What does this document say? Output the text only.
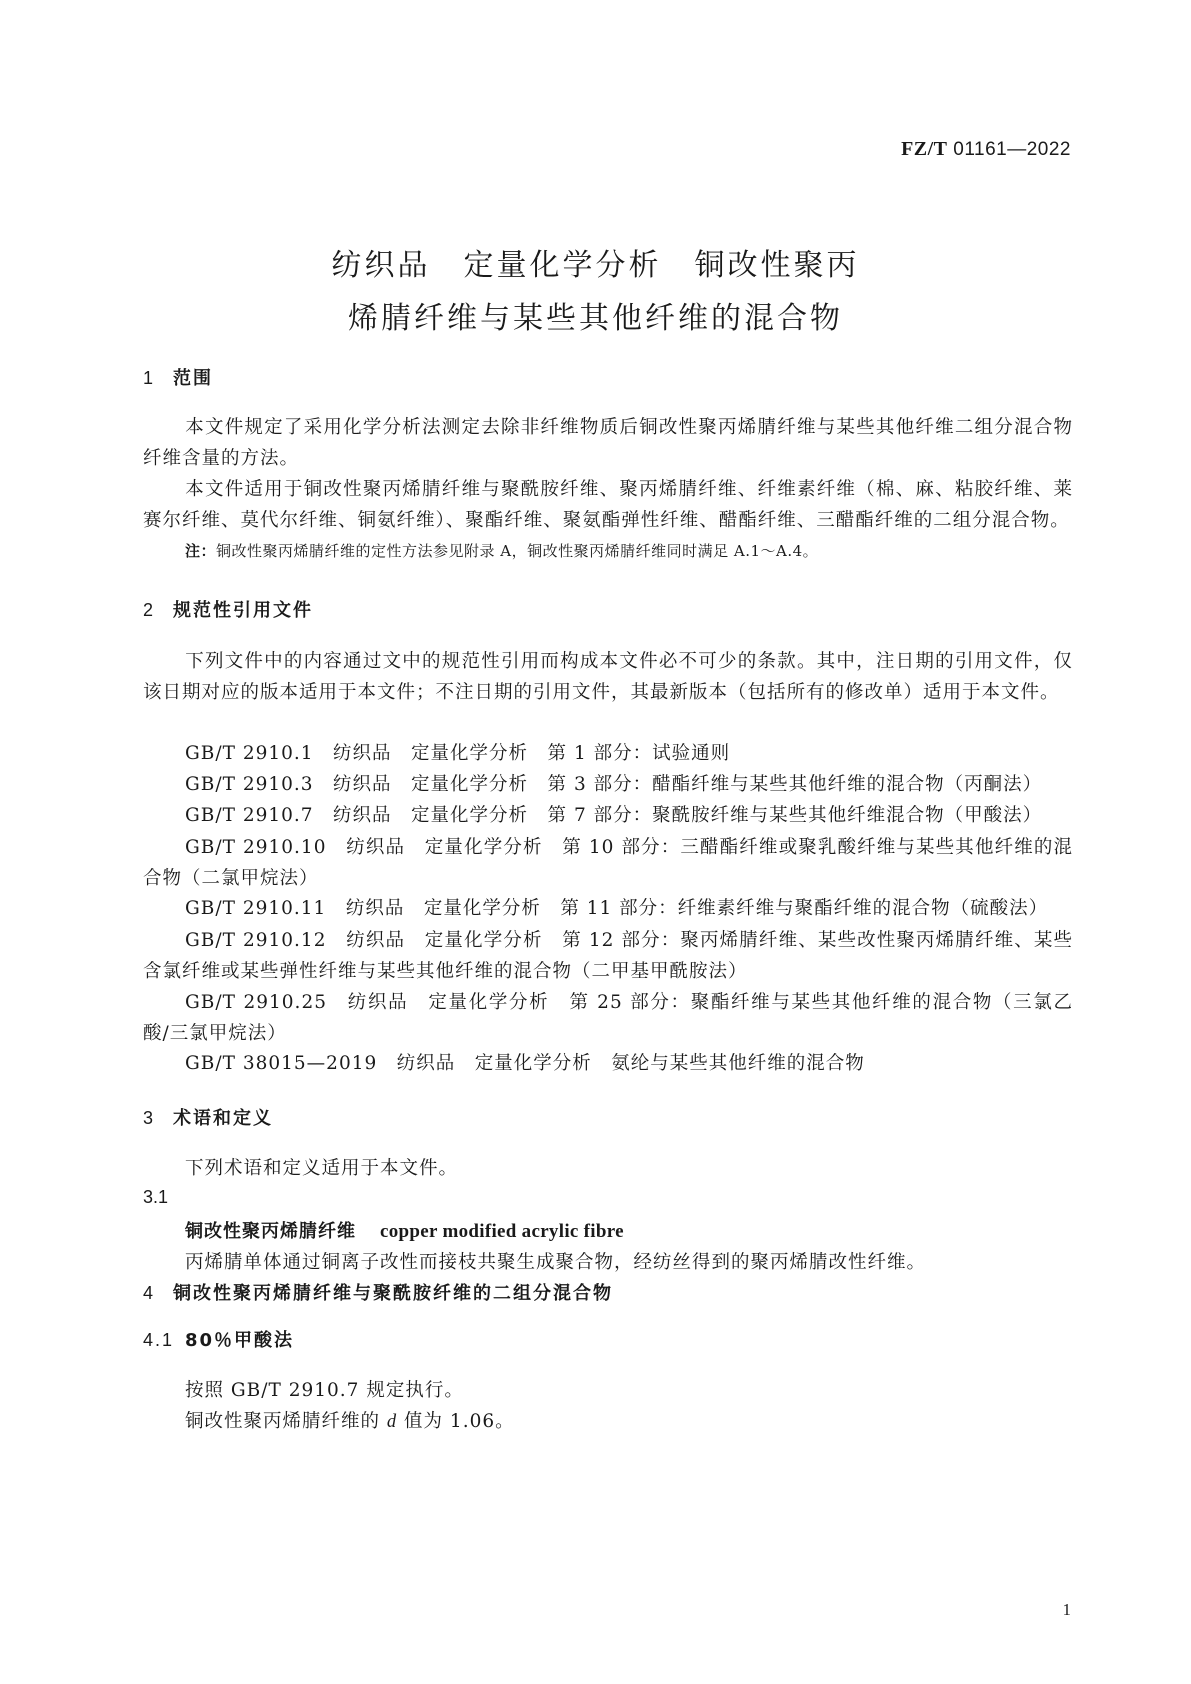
FZ/T 01161—2022
纺织品　定量化学分析　铜改性聚丙
烯腈纤维与某些其他纤维的混合物
1 范围
本文件规定了采用化学分析法测定去除非纤维物质后铜改性聚丙烯腈纤维与某些其他纤维二组分混合物纤维含量的方法。
本文件适用于铜改性聚丙烯腈纤维与聚酰胺纤维、聚丙烯腈纤维、纤维素纤维（棉、麻、粘胶纤维、莱赛尔纤维、莫代尔纤维、铜氨纤维）、聚酯纤维、聚氨酯弹性纤维、醋酯纤维、三醋酯纤维的二组分混合物。
注：铜改性聚丙烯腈纤维的定性方法参见附录 A，铜改性聚丙烯腈纤维同时满足 A.1～A.4。
2 规范性引用文件
下列文件中的内容通过文中的规范性引用而构成本文件必不可少的条款。其中，注日期的引用文件，仅该日期对应的版本适用于本文件；不注日期的引用文件，其最新版本（包括所有的修改单）适用于本文件。
GB/T 2910.1　纺织品　定量化学分析　第 1 部分：试验通则
GB/T 2910.3　纺织品　定量化学分析　第 3 部分：醋酯纤维与某些其他纤维的混合物（丙酮法）
GB/T 2910.7　纺织品　定量化学分析　第 7 部分：聚酰胺纤维与某些其他纤维混合物（甲酸法）
GB/T 2910.10　纺织品　定量化学分析　第 10 部分：三醋酯纤维或聚乳酸纤维与某些其他纤维的混合物（二氯甲烷法）
GB/T 2910.11　纺织品　定量化学分析　第 11 部分：纤维素纤维与聚酯纤维的混合物（硫酸法）
GB/T 2910.12　纺织品　定量化学分析　第 12 部分：聚丙烯腈纤维、某些改性聚丙烯腈纤维、某些含氯纤维或某些弹性纤维与某些其他纤维的混合物（二甲基甲酰胺法）
GB/T 2910.25　纺织品　定量化学分析　第 25 部分：聚酯纤维与某些其他纤维的混合物（三氯乙酸/三氯甲烷法）
GB/T 38015—2019　纺织品　定量化学分析　氨纶与某些其他纤维的混合物
3 术语和定义
下列术语和定义适用于本文件。
3.1
铜改性聚丙烯腈纤维 copper modified acrylic fibre
丙烯腈单体通过铜离子改性而接枝共聚生成聚合物，经纺丝得到的聚丙烯腈改性纤维。
4 铜改性聚丙烯腈纤维与聚酰胺纤维的二组分混合物
4.1 80％甲酸法
按照 GB/T 2910.7 规定执行。
铜改性聚丙烯腈纤维的 d 值为 1.06。
1
